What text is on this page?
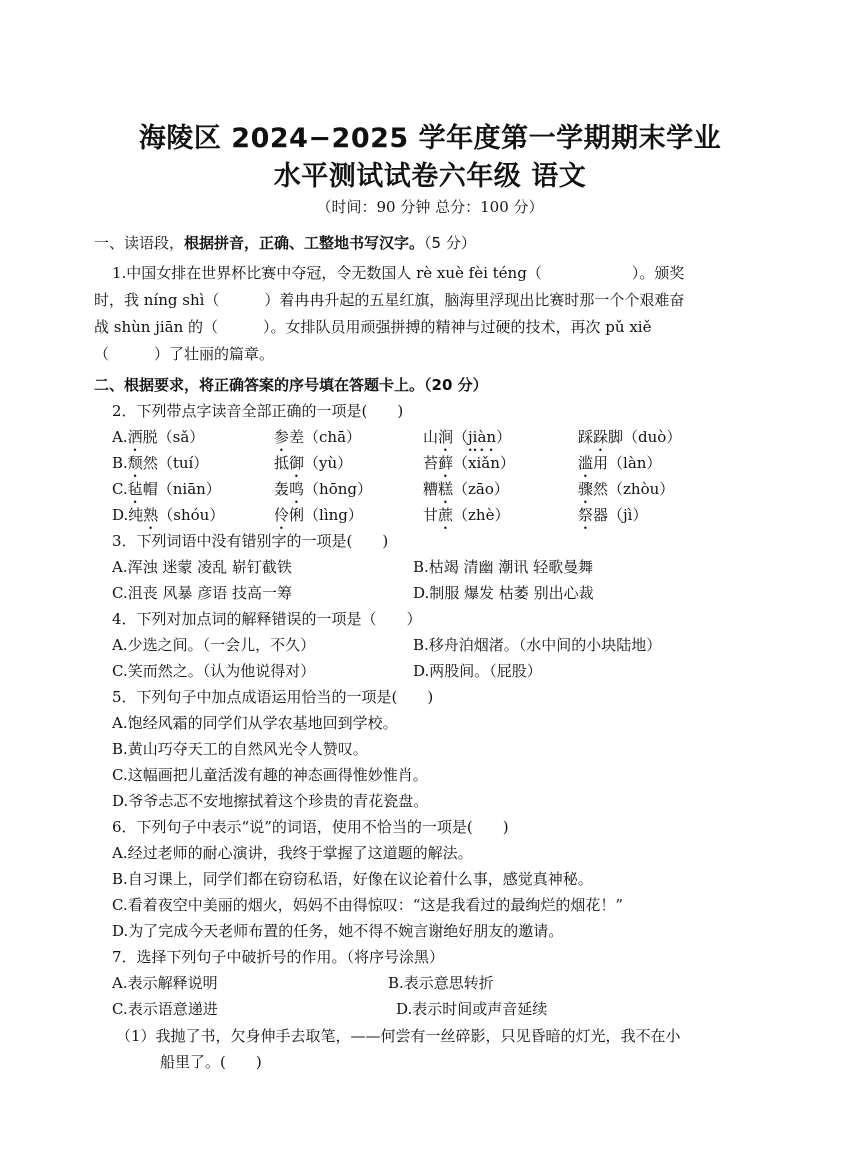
海陵区 2024−2025 学年度第一学期期末学业
水平测试试卷六年级 语文
（时间：90 分钟 总分：100 分）
一、读语段，根据拼音，正确、工整地书写汉字。（5 分）
1.中国女排在世界杯比赛中夺冠，令无数国人 rè xuè fèi téng（　　　　　　）。颁奖
时，我 níng shì（　　　）着冉冉升起的五星红旗，脑海里浮现出比赛时那一个个艰难奋
战 shùn jiān 的（　　　）。女排队员用顽强拼搏的精神与过硬的技术，再次 pǔ xiě
（　　　）了壮丽的篇章。
二、根据要求，将正确答案的序号填在答题卡上。（20 分）
2．下列带点字读音全部正确的一项是(　　)
A.洒脱（sǎ）	参差（chā）	山涧（jiàn）	踩跺脚（duò）
B.颓然（tuí）	抵御（yù）	苔藓（xiǎn）	滥用（làn）
C.毡帽（niān）	轰鸣（hōng）	糟糕（zāo）	骤然（zhòu）
D.纯熟（shóu）	伶俐（lìng）	甘蔗（zhè）	祭器（jì）
3．下列词语中没有错别字的一项是(　　)
A.浑浊 迷蒙 凌乱 崭钉截铁	B.枯竭 清幽 潮讯 轻歌曼舞
C.沮丧 风暴 彦语 技高一筹	D.制服 爆发 枯萎 别出心裁
4．下列对加点词的解释错误的一项是（　　）
A.少选之间。（一会儿，不久）	B.移舟泊烟渚。（水中间的小块陆地）
C.笑而然之。（认为他说得对）	D.两股间。（屁股）
5．下列句子中加点成语运用恰当的一项是(　　)
A.饱经风霜的同学们从学农基地回到学校。
B.黄山巧夺天工的自然风光令人赞叹。
C.这幅画把儿童活泼有趣的神态画得惟妙惟肖。
D.爷爷忐忑不安地擦拭着这个珍贵的青花瓷盘。
6．下列句子中表示“说”的词语，使用不恰当的一项是(　　)
A.经过老师的耐心演讲，我终于掌握了这道题的解法。
B.自习课上，同学们都在窃窃私语，好像在议论着什么事，感觉真神秘。
C.看着夜空中美丽的烟火，妈妈不由得惊叹：“这是我看过的最绚烂的烟花！”
D.为了完成今天老师布置的任务，她不得不婉言谢绝好朋友的邀请。
7．选择下列句子中破折号的作用。（将序号涂黑）
A.表示解释说明	B.表示意思转折
C.表示语意递进	D.表示时间或声音延续
（1）我抛了书，欠身伸手去取笔，——何尝有一丝碎影，只见昏暗的灯光，我不在小
船里了。(　　)
